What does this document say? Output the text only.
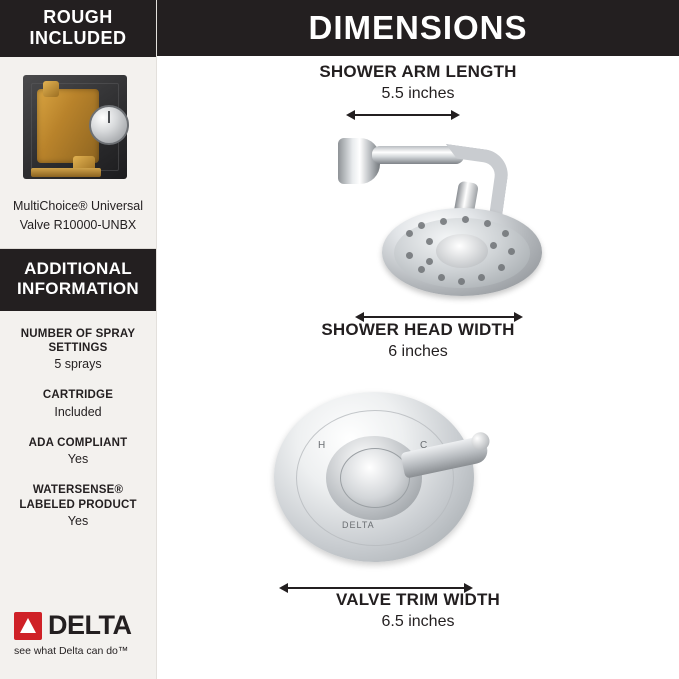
ROUGH
INCLUDED
MultiChoice® Universal
Valve R10000-UNBX
ADDITIONAL
INFORMATION
NUMBER OF SPRAY
SETTINGS
5 sprays
CARTRIDGE
Included
ADA COMPLIANT
Yes
WATERSENSE®
LABELED PRODUCT
Yes
DELTA
see what Delta can do™
DIMENSIONS
SHOWER ARM LENGTH
5.5 inches
SHOWER HEAD WIDTH
6 inches
H	C
DELTA
VALVE TRIM WIDTH
6.5 inches
